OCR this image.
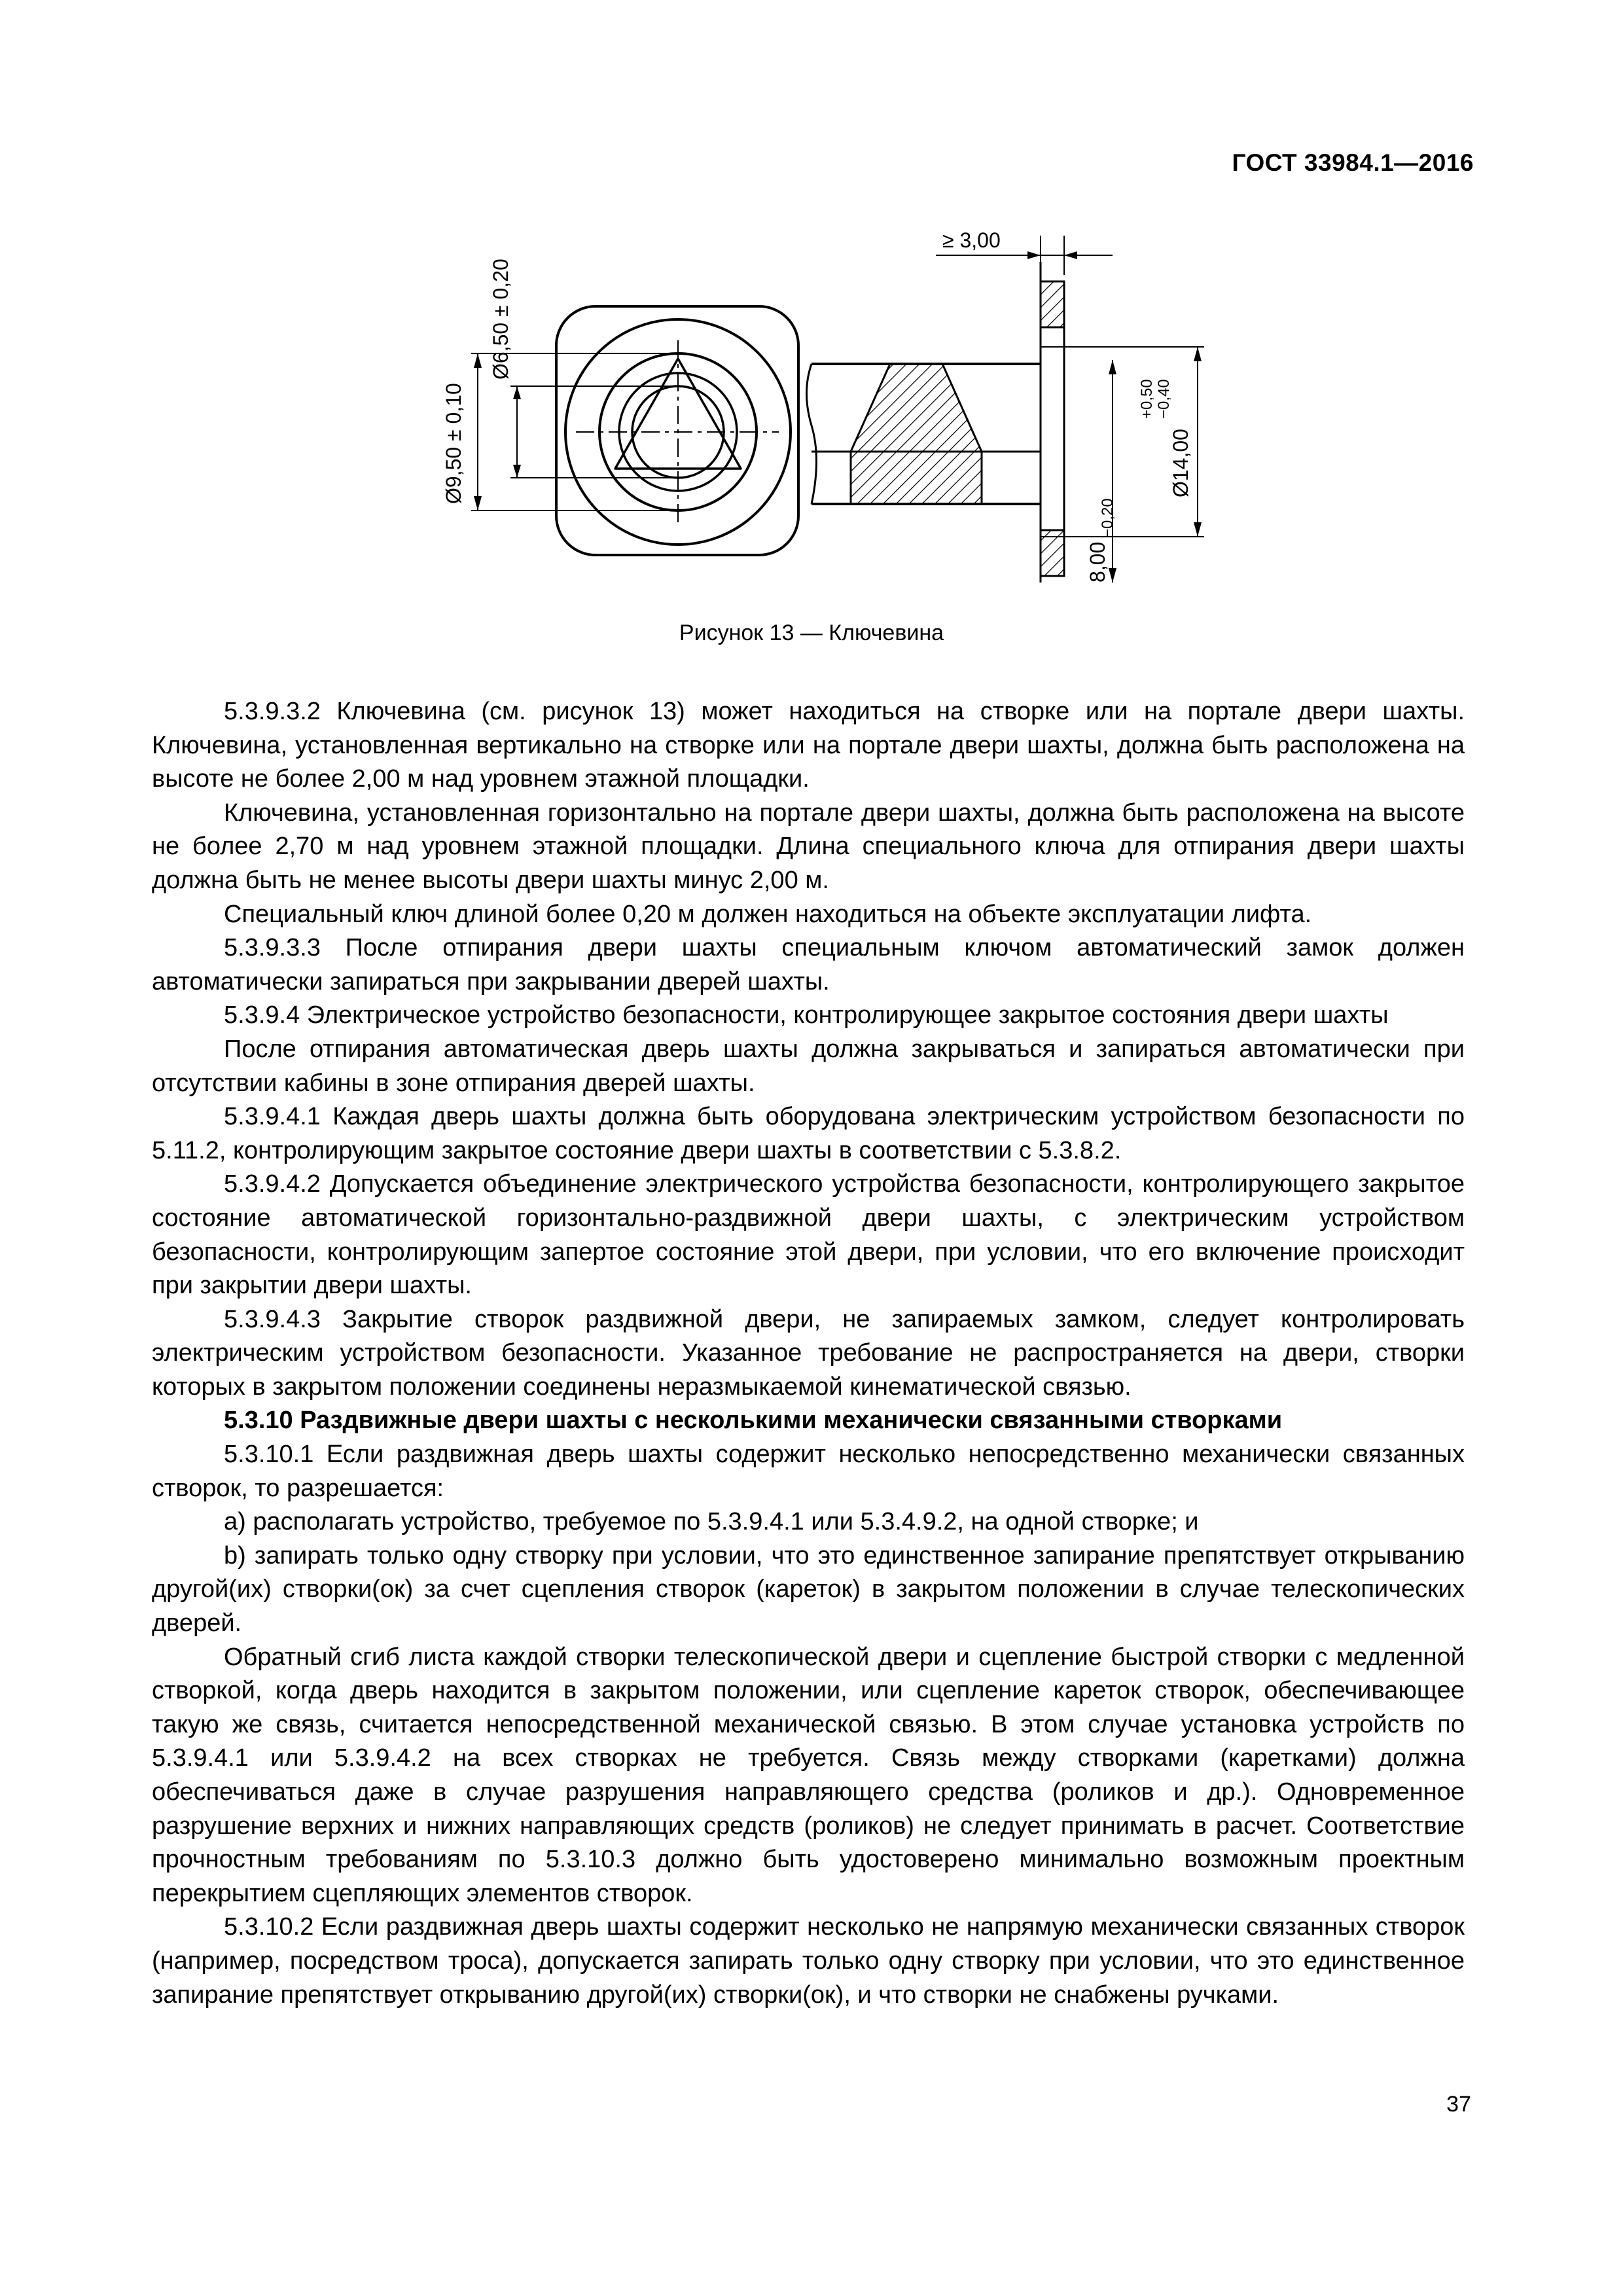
ГОСТ 33984.1—2016
Ø9,50 ± 0,10
Ø6,50 ± 0,20
≥ 3,00
Ø14,00
+0,50 −0,40
8,00
−0,20
Рисунок 13 — Ключевина

5.3.9.3.2 Ключевина (см. рисунок 13) может находиться на створке или на портале двери шахты. Ключевина, установленная вертикально на створке или на портале двери шахты, должна быть расположена на высоте не более 2,00 м над уровнем этажной площадки.

Ключевина, установленная горизонтально на портале двери шахты, должна быть расположена на высоте не более 2,70 м над уровнем этажной площадки. Длина специального ключа для отпирания двери шахты должна быть не менее высоты двери шахты минус 2,00 м.

Специальный ключ длиной более 0,20 м должен находиться на объекте эксплуатации лифта.

5.3.9.3.3 После отпирания двери шахты специальным ключом автоматический замок должен автоматически запираться при закрывании дверей шахты.

5.3.9.4 Электрическое устройство безопасности, контролирующее закрытое состояния двери шахты

После отпирания автоматическая дверь шахты должна закрываться и запираться автоматически при отсутствии кабины в зоне отпирания дверей шахты.

5.3.9.4.1 Каждая дверь шахты должна быть оборудована электрическим устройством безопасности по 5.11.2, контролирующим закрытое состояние двери шахты в соответствии с 5.3.8.2.

5.3.9.4.2 Допускается объединение электрического устройства безопасности, контролирующего закрытое состояние автоматической горизонтально-раздвижной двери шахты, с электрическим устройством безопасности, контролирующим запертое состояние этой двери, при условии, что его включение происходит при закрытии двери шахты.

5.3.9.4.3 Закрытие створок раздвижной двери, не запираемых замком, следует контролировать электрическим устройством безопасности. Указанное требование не распространяется на двери, створки которых в закрытом положении соединены неразмыкаемой кинематической связью.

5.3.10 Раздвижные двери шахты с несколькими механически связанными створками

5.3.10.1 Если раздвижная дверь шахты содержит несколько непосредственно механически связанных створок, то разрешается:

a) располагать устройство, требуемое по 5.3.9.4.1 или 5.3.4.9.2, на одной створке; и

b) запирать только одну створку при условии, что это единственное запирание препятствует открыванию другой(их) створки(ок) за счет сцепления створок (кареток) в закрытом положении в случае телескопических дверей.

Обратный сгиб листа каждой створки телескопической двери и сцепление быстрой створки с медленной створкой, когда дверь находится в закрытом положении, или сцепление кареток створок, обеспечивающее такую же связь, считается непосредственной механической связью. В этом случае установка устройств по 5.3.9.4.1 или 5.3.9.4.2 на всех створках не требуется. Связь между створками (каретками) должна обеспечиваться даже в случае разрушения направляющего средства (роликов и др.). Одновременное разрушение верхних и нижних направляющих средств (роликов) не следует принимать в расчет. Соответствие прочностным требованиям по 5.3.10.3 должно быть удостоверено минимально возможным проектным перекрытием сцепляющих элементов створок.

5.3.10.2 Если раздвижная дверь шахты содержит несколько не напрямую механически связанных створок (например, посредством троса), допускается запирать только одну створку при условии, что это единственное запирание препятствует открыванию другой(их) створки(ок), и что створки не снабжены ручками.

37
